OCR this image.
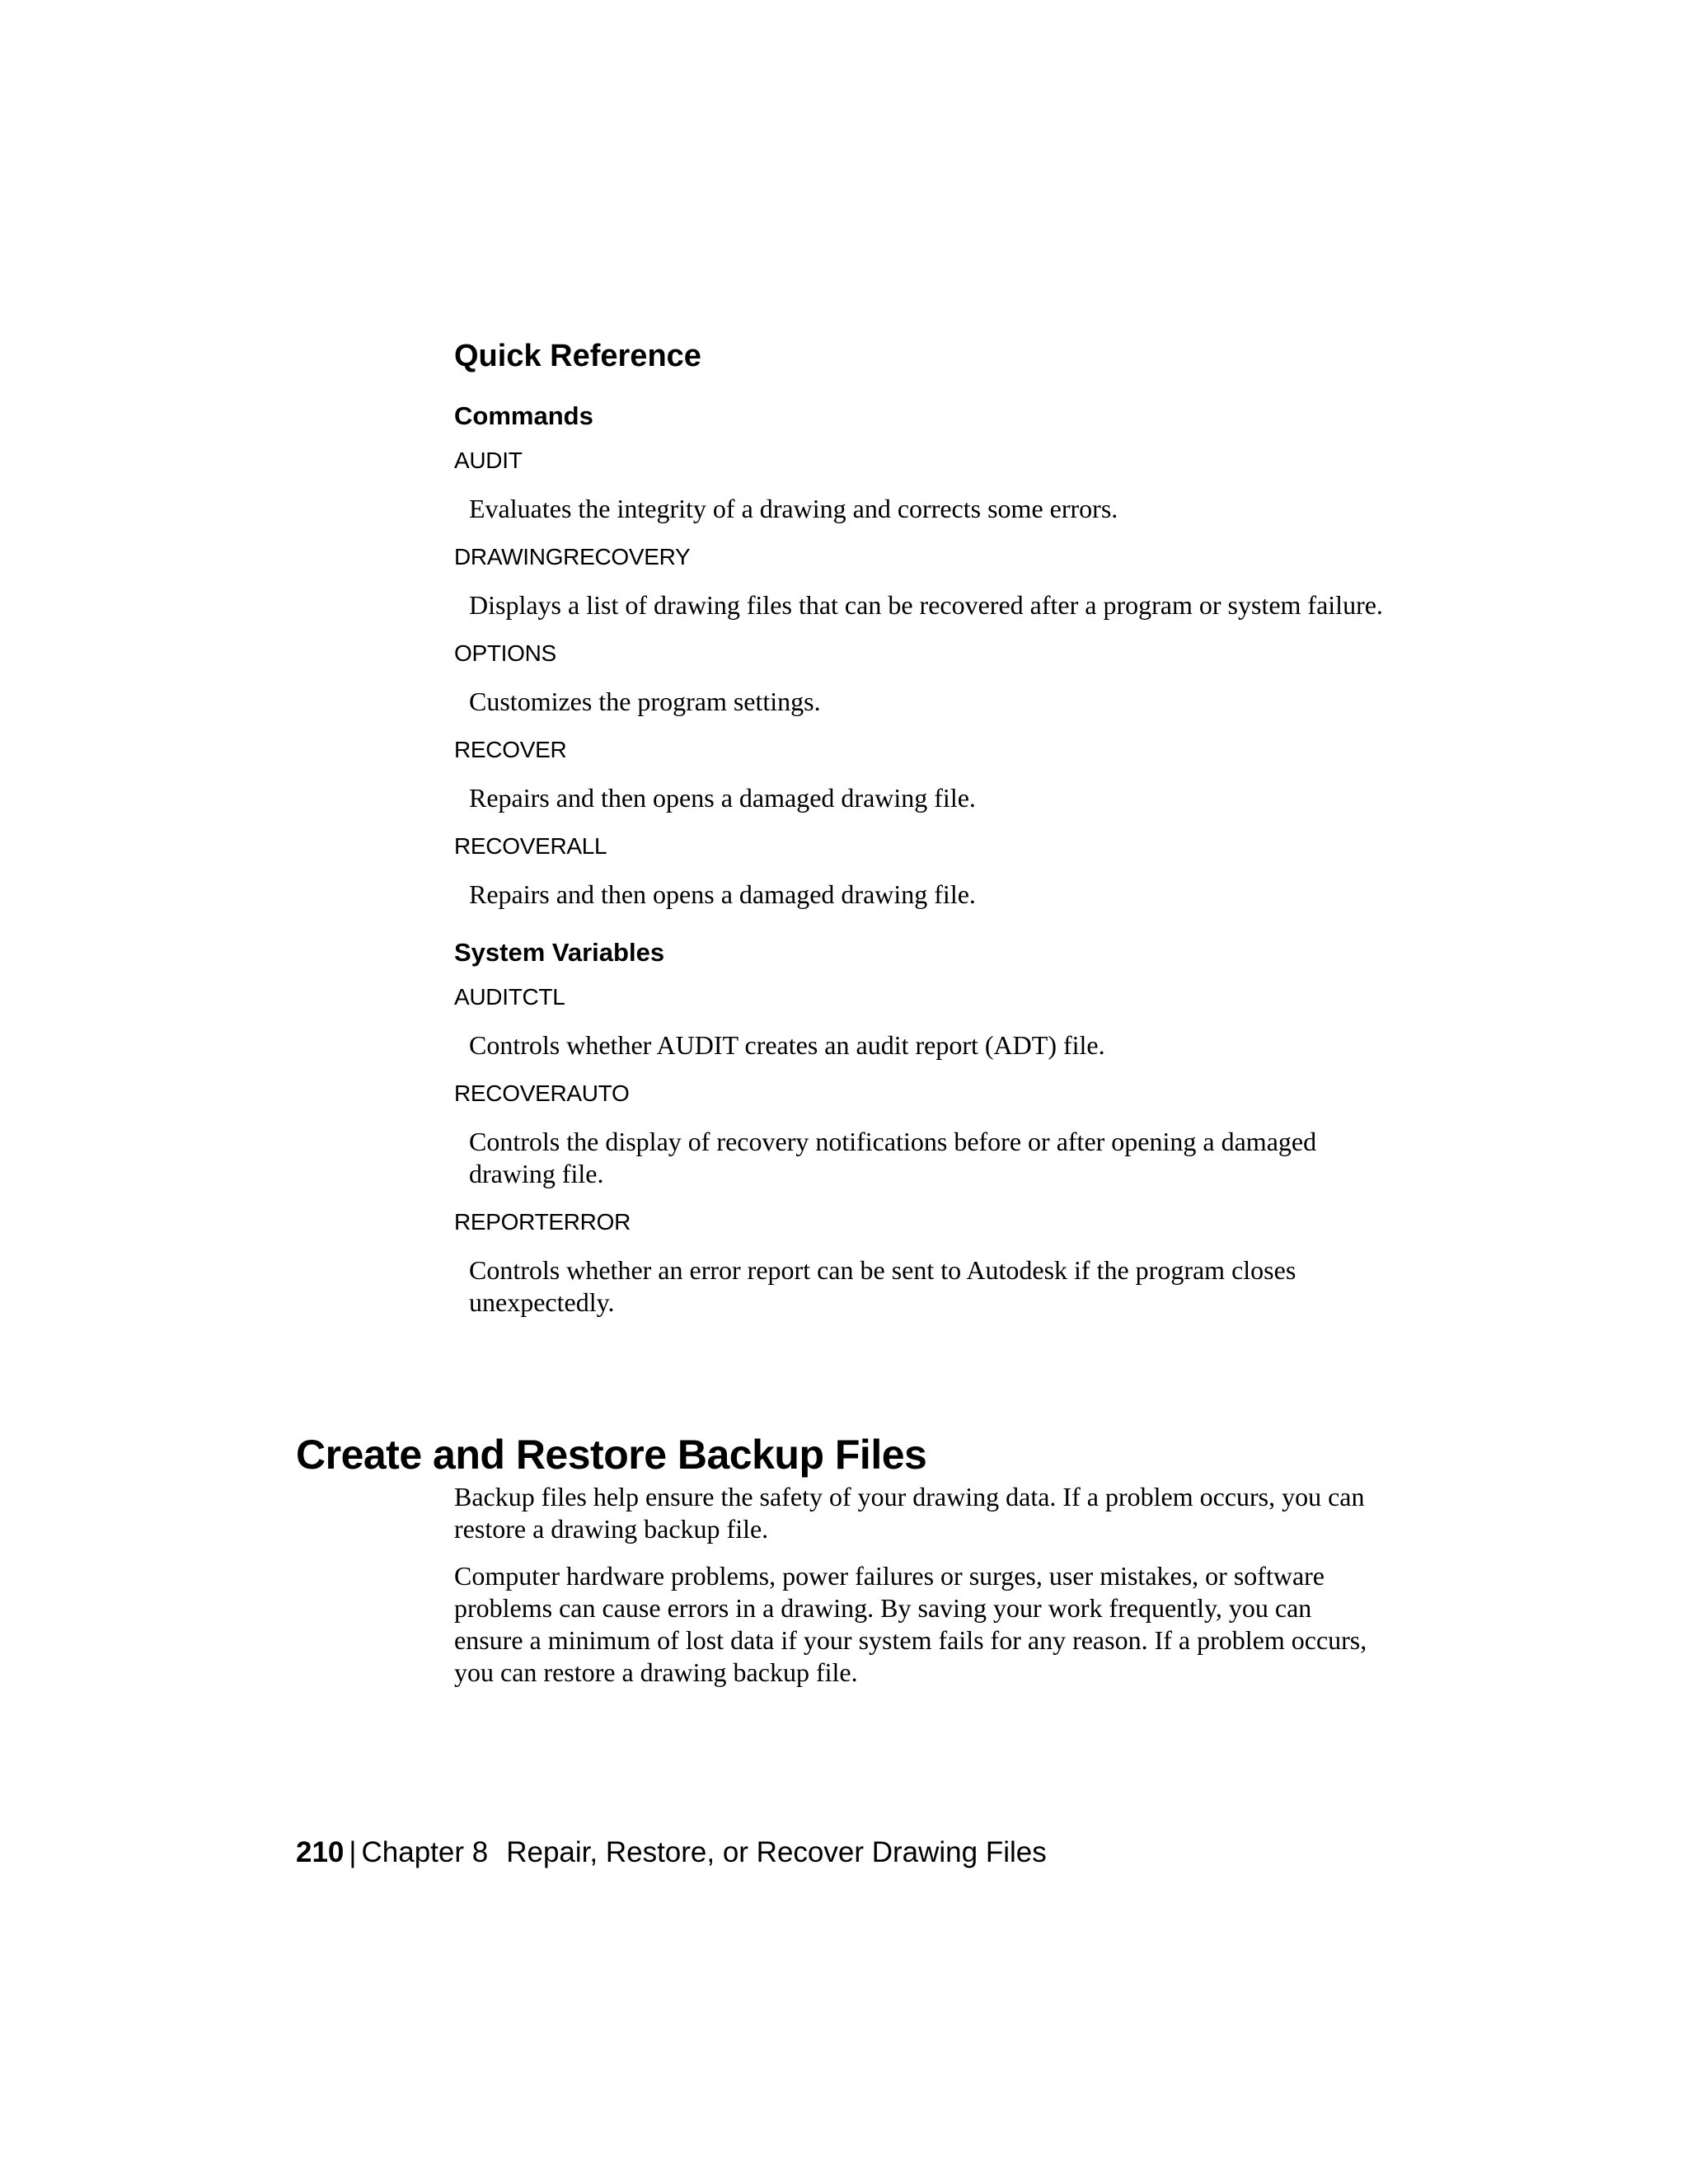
Quick Reference
Commands
AUDIT
Evaluates the integrity of a drawing and corrects some errors.
DRAWINGRECOVERY
Displays a list of drawing files that can be recovered after a program or system failure.
OPTIONS
Customizes the program settings.
RECOVER
Repairs and then opens a damaged drawing file.
RECOVERALL
Repairs and then opens a damaged drawing file.
System Variables
AUDITCTL
Controls whether AUDIT creates an audit report (ADT) file.
RECOVERAUTO
Controls the display of recovery notifications before or after opening a damaged drawing file.
REPORTERROR
Controls whether an error report can be sent to Autodesk if the program closes unexpectedly.
Create and Restore Backup Files

Backup files help ensure the safety of your drawing data. If a problem occurs, you can restore a drawing backup file.

Computer hardware problems, power failures or surges, user mistakes, or software problems can cause errors in a drawing. By saving your work frequently, you can ensure a minimum of lost data if your system fails for any reason. If a problem occurs, you can restore a drawing backup file.

210 | Chapter 8 Repair, Restore, or Recover Drawing Files
